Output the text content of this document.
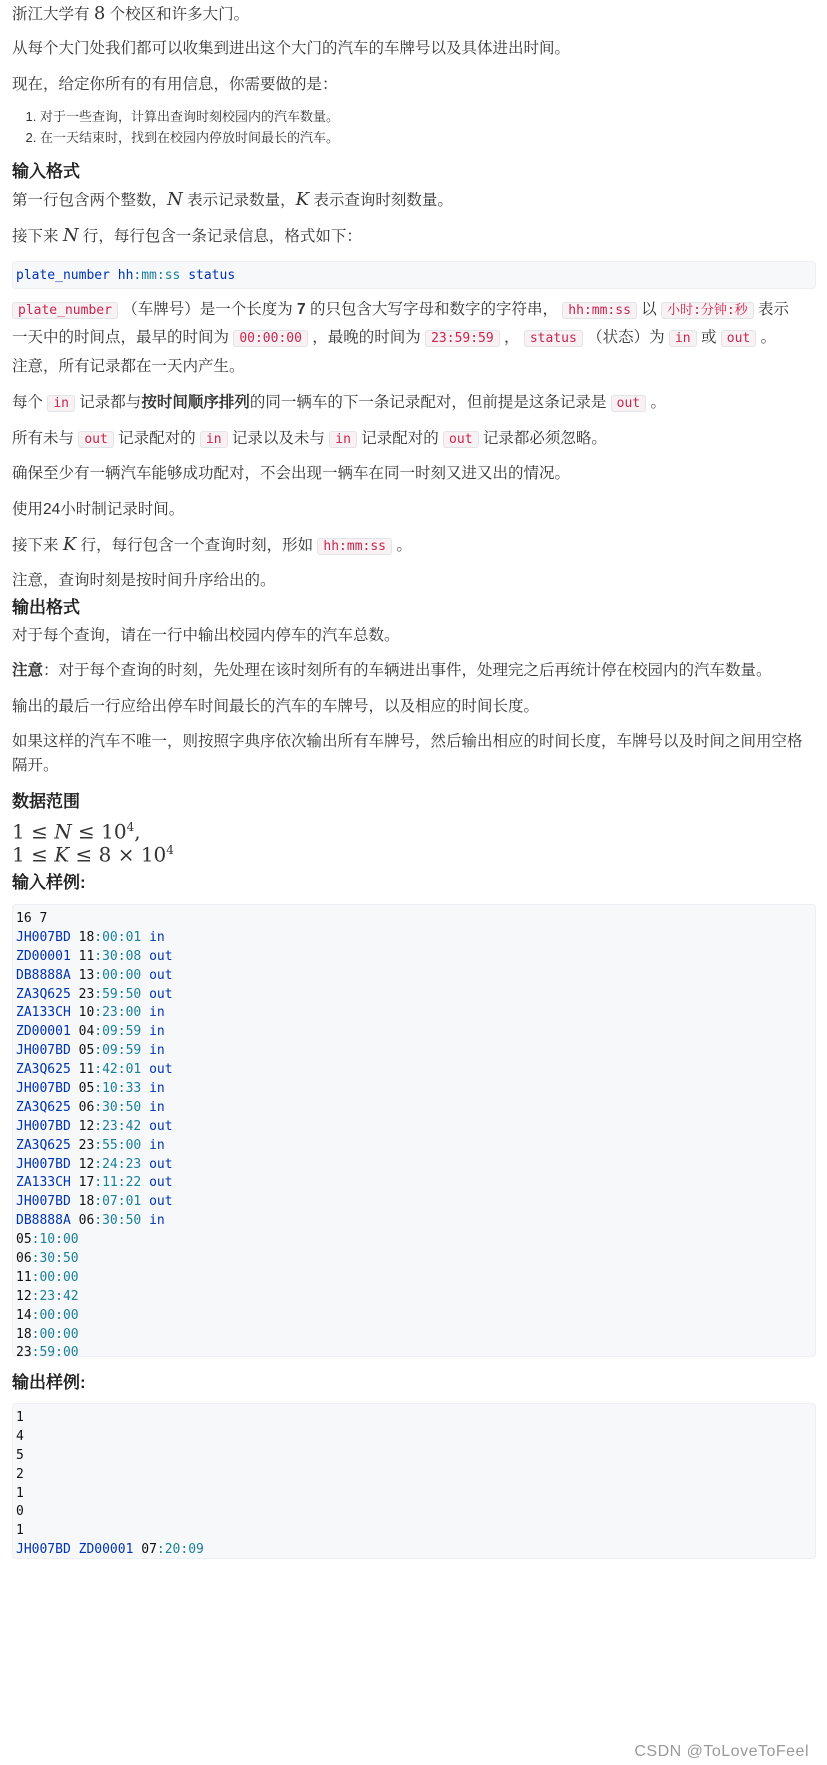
浙江大学有 8 个校区和许多大门。

从每个大门处我们都可以收集到进出这个大门的汽车的车牌号以及具体进出时间。

现在，给定你所有的有用信息，你需要做的是：

1. 对于一些查询，计算出查询时刻校园内的汽车数量。
2. 在一天结束时，找到在校园内停放时间最长的汽车。
输入格式

第一行包含两个整数，N 表示记录数量，K 表示查询时刻数量。

接下来 N 行，每行包含一条记录信息，格式如下：

plate_number hh:mm:ss status

plate_number （车牌号）是一个长度为 7 的只包含大写字母和数字的字符串， hh:mm:ss 以 小时:分钟:秒 表示
一天中的时间点，最早的时间为 00:00:00 ，最晚的时间为 23:59:59 ， status （状态）为 in 或 out 。

注意，所有记录都在一天内产生。

每个 in 记录都与按时间顺序排列的同一辆车的下一条记录配对，但前提是这条记录是 out 。

所有未与 out 记录配对的 in 记录以及未与 in 记录配对的 out 记录都必须忽略。

确保至少有一辆汽车能够成功配对，不会出现一辆车在同一时刻又进又出的情况。

使用24小时制记录时间。

接下来 K 行，每行包含一个查询时刻，形如 hh:mm:ss 。

注意，查询时刻是按时间升序给出的。

输出格式

对于每个查询，请在一行中输出校园内停车的汽车总数。

注意：对于每个查询的时刻，先处理在该时刻所有的车辆进出事件，处理完之后再统计停在校园内的汽车数量。

输出的最后一行应给出停车时间最长的汽车的车牌号，以及相应的时间长度。

如果这样的汽车不唯一，则按照字典序依次输出所有车牌号，然后输出相应的时间长度，车牌号以及时间之间用空格隔开。

数据范围
$1 \le N \le 10^4$,
$1 \le K \le 8 \times 10^4$
输入样例:
16 7
JH007BD 18:00:01 in
ZD00001 11:30:08 out
DB8888A 13:00:00 out
ZA3Q625 23:59:50 out
ZA133CH 10:23:00 in
ZD00001 04:09:59 in
JH007BD 05:09:59 in
ZA3Q625 11:42:01 out
JH007BD 05:10:33 in
ZA3Q625 06:30:50 in
JH007BD 12:23:42 out
ZA3Q625 23:55:00 in
JH007BD 12:24:23 out
ZA133CH 17:11:22 out
JH007BD 18:07:01 out
DB8888A 06:30:50 in
05:10:00
06:30:50
11:00:00
12:23:42
14:00:00
18:00:00
23:59:00
输出样例:
1
4
5
2
1
0
1
JH007BD ZD00001 07:20:09
CSDN @ToLoveToFeel
